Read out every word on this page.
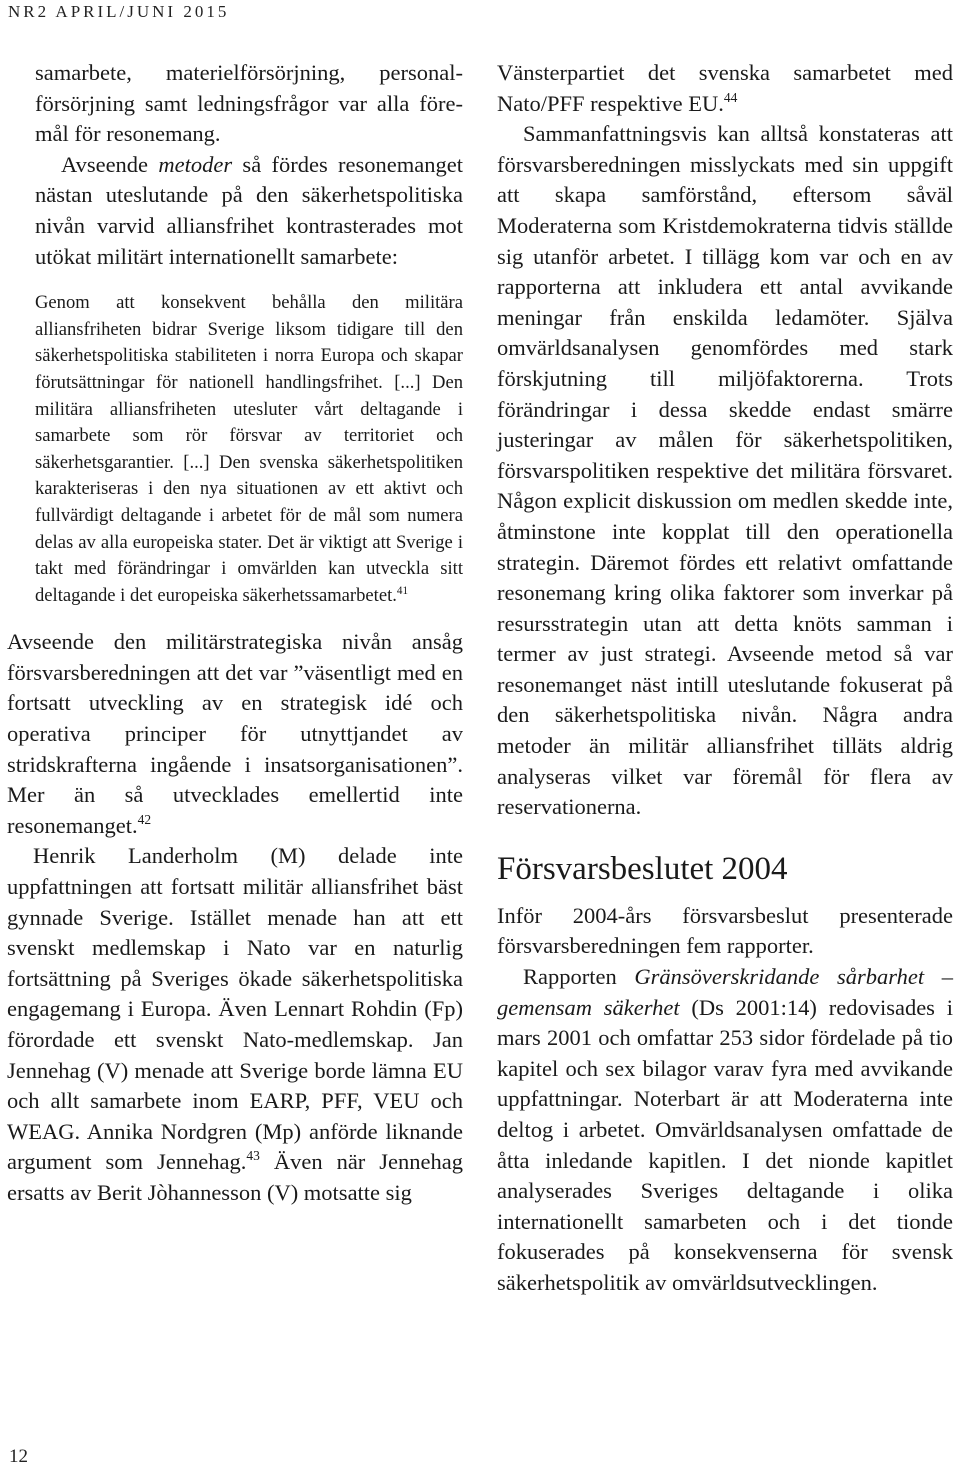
NR2 APRIL/JUNI 2015

samarbete, materielförsörjning, personalförsörjning samt ledningsfrågor var alla föremål för resonemang.

Avseende metoder så fördes resonemanget nästan uteslutande på den säkerhetspolitiska nivån varvid alliansfrihet kontrasterades mot utökat militärt internationellt samarbete:

Genom att konsekvent behålla den militära alliansfriheten bidrar Sverige liksom tidigare till den säkerhetspolitiska stabiliteten i norra Europa och skapar förutsättningar för nationell handlingsfrihet. [...] Den militära alliansfriheten utesluter vårt deltagande i samarbete som rör försvar av territoriet och säkerhetsgarantier. [...] Den svenska säkerhetspolitiken karakteriseras i den nya situationen av ett aktivt och fullvärdigt deltagande i arbetet för de mål som numera delas av alla europeiska stater. Det är viktigt att Sverige i takt med förändringar i omvärlden kan utveckla sitt deltagande i det europeiska säkerhetssamarbetet.$^{41}$

Avseende den militärstrategiska nivån ansåg försvarsberedningen att det var ”väsentligt med en fortsatt utveckling av en strategisk idé och operativa principer för utnyttjandet av stridskrafterna ingående i insatsorganisationen”. Mer än så utvecklades emellertid inte resonemanget.$^{42}$

Henrik Landerholm (M) delade inte uppfattningen att fortsatt militär alliansfrihet bäst gynnade Sverige. Istället menade han att ett svenskt medlemskap i Nato var en naturlig fortsättning på Sveriges ökade säkerhetspolitiska engagemang i Europa. Även Lennart Rohdin (Fp) förordade ett svenskt Nato-medlemskap. Jan Jennehag (V) menade att Sverige borde lämna EU och allt samarbete inom EARP, PFF, VEU och WEAG. Annika Nordgren (Mp) anförde liknande argument som Jennehag.$^{43}$ Även när Jennehag ersatts av Berit Jòhannesson (V) motsatte sig

Vänsterpartiet det svenska samarbetet med Nato/PFF respektive EU.$^{44}$

Sammanfattningsvis kan alltså konstateras att försvarsberedningen misslyckats med sin uppgift att skapa samförstånd, eftersom såväl Moderaterna som Kristdemokraterna tidvis ställde sig utanför arbetet. I tillägg kom var och en av rapporterna att inkludera ett antal avvikande meningar från enskilda ledamöter. Själva omvärldsanalysen genomfördes med stark förskjutning till miljöfaktorerna. Trots förändringar i dessa skedde endast smärre justeringar av målen för säkerhetspolitiken, försvarspolitiken respektive det militära försvaret. Någon explicit diskussion om medlen skedde inte, åtminstone inte kopplat till den operationella strategin. Däremot fördes ett relativt omfattande resonemang kring olika faktorer som inverkar på resursstrategin utan att detta knöts samman i termer av just strategi. Avseende metod så var resonemanget näst intill uteslutande fokuserat på den säkerhetspolitiska nivån. Några andra metoder än militär alliansfrihet tilläts aldrig analyseras vilket var föremål för flera av reservationerna.

Försvarsbeslutet 2004

Inför 2004-års försvarsbeslut presenterade försvarsberedningen fem rapporter.

Rapporten Gränsöverskridande sårbarhet – gemensam säkerhet (Ds 2001:14) redovisades i mars 2001 och omfattar 253 sidor fördelade på tio kapitel och sex bilagor varav fyra med avvikande uppfattningar. Noterbart är att Moderaterna inte deltog i arbetet. Omvärldsanalysen omfattade de åtta inledande kapitlen. I det nionde kapitlet analyserades Sveriges deltagande i olika internationellt samarbeten och i det tionde fokuserades på konsekvenserna för svensk säkerhetspolitik av omvärldsutvecklingen.

12
